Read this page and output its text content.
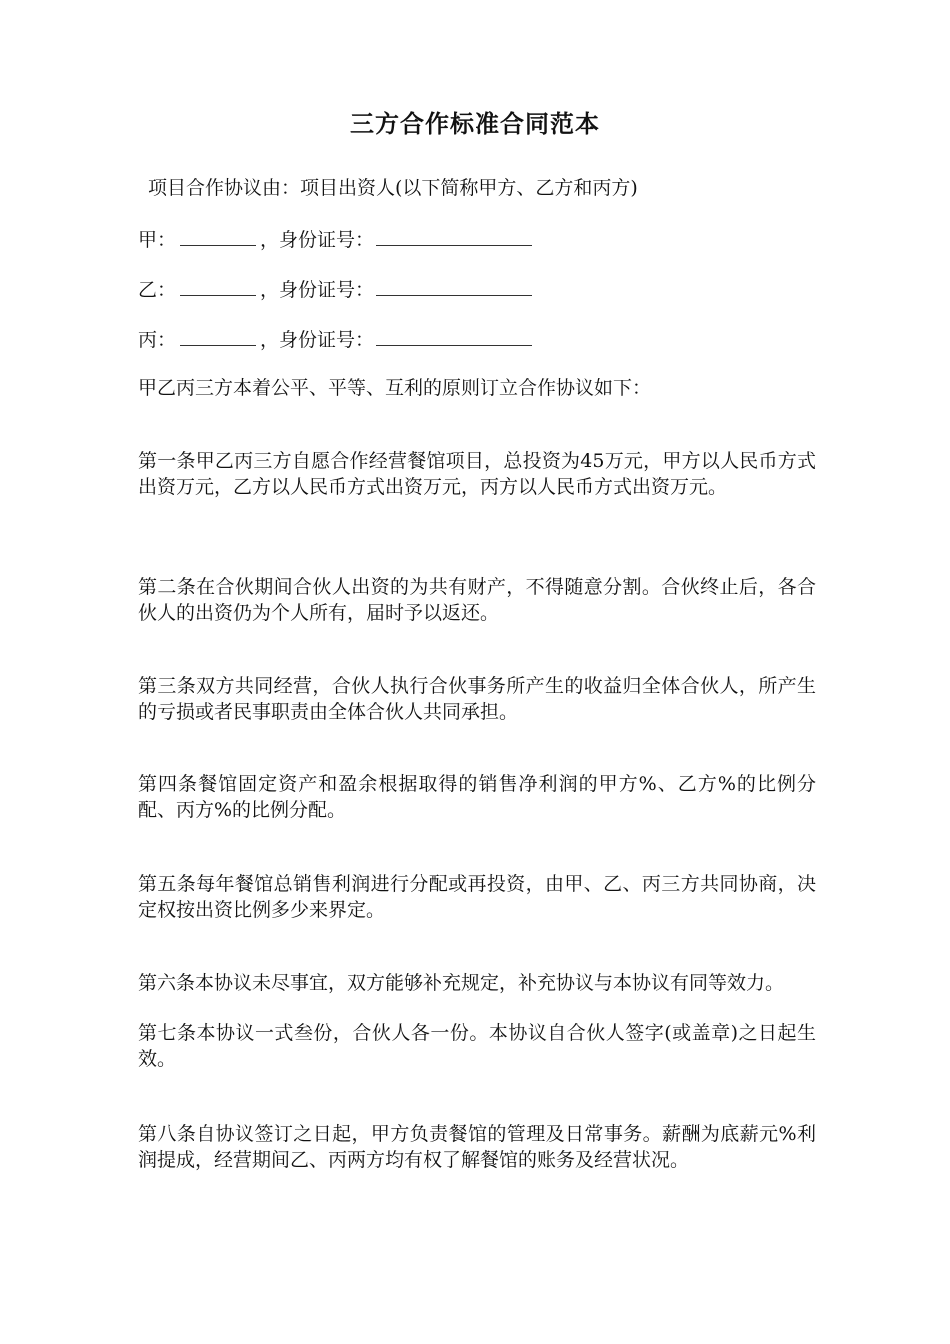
三方合作标准合同范本
项目合作协议由：项目出资人(以下简称甲方、乙方和丙方)
甲：	，身份证号：
乙：	，身份证号：
丙：	，身份证号：
甲乙丙三方本着公平、平等、互利的原则订立合作协议如下：
第一条甲乙丙三方自愿合作经营餐馆项目，总投资为45万元，甲方以人民币方式出资万元，乙方以人民币方式出资万元，丙方以人民币方式出资万元。
第二条在合伙期间合伙人出资的为共有财产，不得随意分割。合伙终止后，各合伙人的出资仍为个人所有，届时予以返还。
第三条双方共同经营，合伙人执行合伙事务所产生的收益归全体合伙人，所产生的亏损或者民事职责由全体合伙人共同承担。
第四条餐馆固定资产和盈余根据取得的销售净利润的甲方%、乙方%的比例分配、丙方%的比例分配。
第五条每年餐馆总销售利润进行分配或再投资，由甲、乙、丙三方共同协商，决定权按出资比例多少来界定。
第六条本协议未尽事宜，双方能够补充规定，补充协议与本协议有同等效力。
第七条本协议一式叁份，合伙人各一份。本协议自合伙人签字(或盖章)之日起生效。
第八条自协议签订之日起，甲方负责餐馆的管理及日常事务。薪酬为底薪元%利润提成，经营期间乙、丙两方均有权了解餐馆的账务及经营状况。
